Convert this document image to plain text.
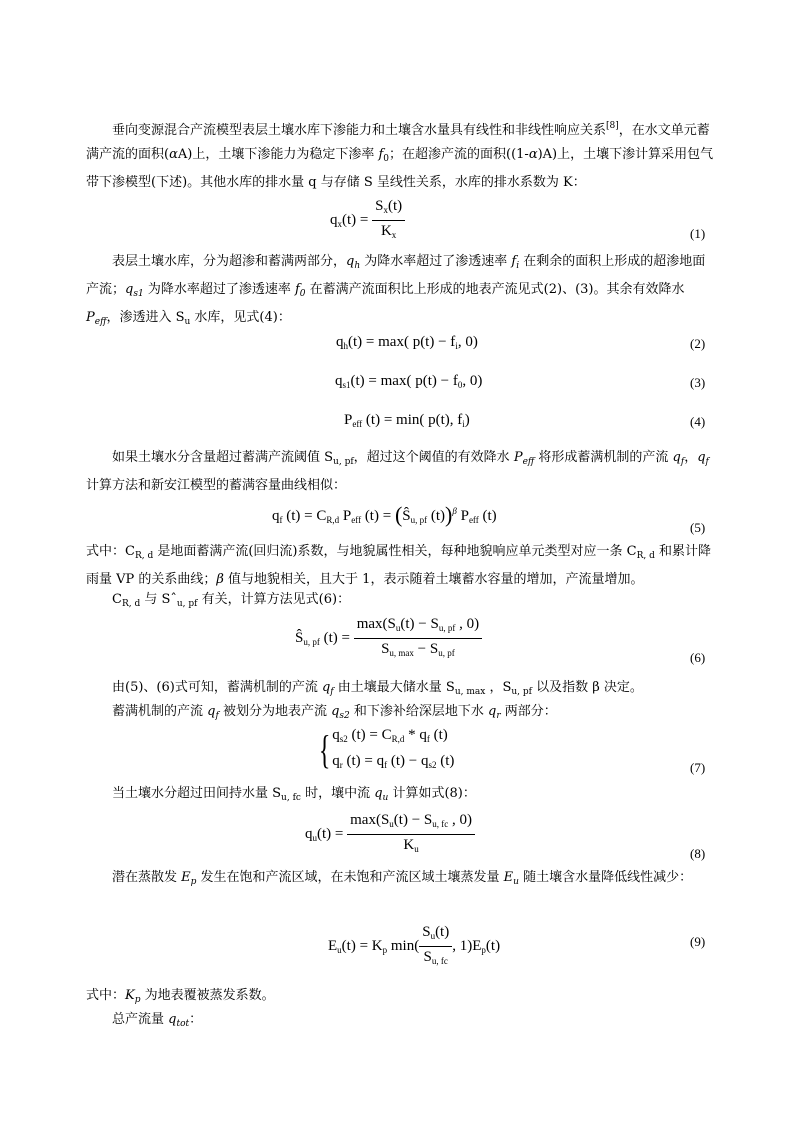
垂向变源混合产流模型表层土壤水库下渗能力和土壤含水量具有线性和非线性响应关系[8]，在水文单元蓄满产流的面积(αA)上，土壤下渗能力为稳定下渗率 $f_0$；在超渗产流的面积((1-α)A)上，土壤下渗计算采用包气带下渗模型(下述)。其他水库的排水量 q 与存储 S 呈线性关系，水库的排水系数为 K：
$q_x(t) = \frac{S_x(t)}{K_x}$	(1)
表层土壤水库，分为超渗和蓄满两部分，$q_h$ 为降水率超过了渗透速率 $f_i$ 在剩余的面积上形成的超渗地面产流；$q_{s1}$ 为降水率超过了渗透速率 $f_0$ 在蓄满产流面积比上形成的地表产流见式(2)、(3)。其余有效降水 $P_{eff}$，渗透进入 $S_u$ 水库，见式(4)：
$q_h(t) = \max$( $p(t) - f_i$, 0)	(2)
$q_{s1}(t) = \max$( $p(t) - f_0$, 0)	(3)
$P_{eff}$ (t) = min( p(t), $f_i$)	(4)
如果土壤水分含量超过蓄满产流阈值 $S_{u, pf}$，超过这个阈值的有效降水 $P_{eff}$ 将形成蓄满机制的产流 $q_f$，$q_f$ 计算方法和新安江模型的蓄满容量曲线相似：
$q_f$ $(t) = C_{R,d}$ $P_{eff}$ $(t) = (Ŝ_{u, pf}$ (t))$^\beta$ $P_{eff}$ (t)
(5)
式中：$C_{R, d}$ 是地面蓄满产流(回归流)系数，与地貌属性相关，每种地貌响应单元类型对应一条 $C_{R, d}$ 和累计降雨量 VP 的关系曲线；β 值与地貌相关，且大于 1，表示随着土壤蓄水容量的增加，产流量增加。
$C_{R, d}$ 与 Sˆ$_{u, pf}$ 有关，计算方法见式(6)：
$Ŝ_{u, pf}$ $(t) = \frac{\max(S_u(t) - S_{u, pf} , 0)}{S_{u, max} - S_{u, pf}}$	(6)
由(5)、(6)式可知，蓄满机制的产流 $q_f$ 由土壤最大储水量 $S_{u, max}$ ，$S_{u, pf}$ 以及指数 β 决定。
蓄满机制的产流 $q_f$ 被划分为地表产流 $q_{s2}$ 和下渗补给深层地下水 $q_r$ 两部分：
{ $q_{s2}$ $(t) = C_{R,d} * q_f$ (t)
$q_r$ $(t) = q_f$ $(t) - q_{s2}$ (t)	(7)
当土壤水分超过田间持水量 $S_{u, fc}$ 时，壤中流 $q_u$ 计算如式(8)：
$q_u(t) = \frac{\max(S_u(t) - S_{u, fc} , 0)}{K_u}$	(8)
潜在蒸散发 $E_p$ 发生在饱和产流区域，在未饱和产流区域土壤蒸发量 $E_u$ 随土壤含水量降低线性减少：
$E_u(t) = K_p$ $\min( \frac{S_u(t)}{S_{u, fc}}$ , $1)E_p(t)$	(9)
式中：$K_p$ 为地表覆被蒸发系数。
总产流量 $q_{tot}$：
